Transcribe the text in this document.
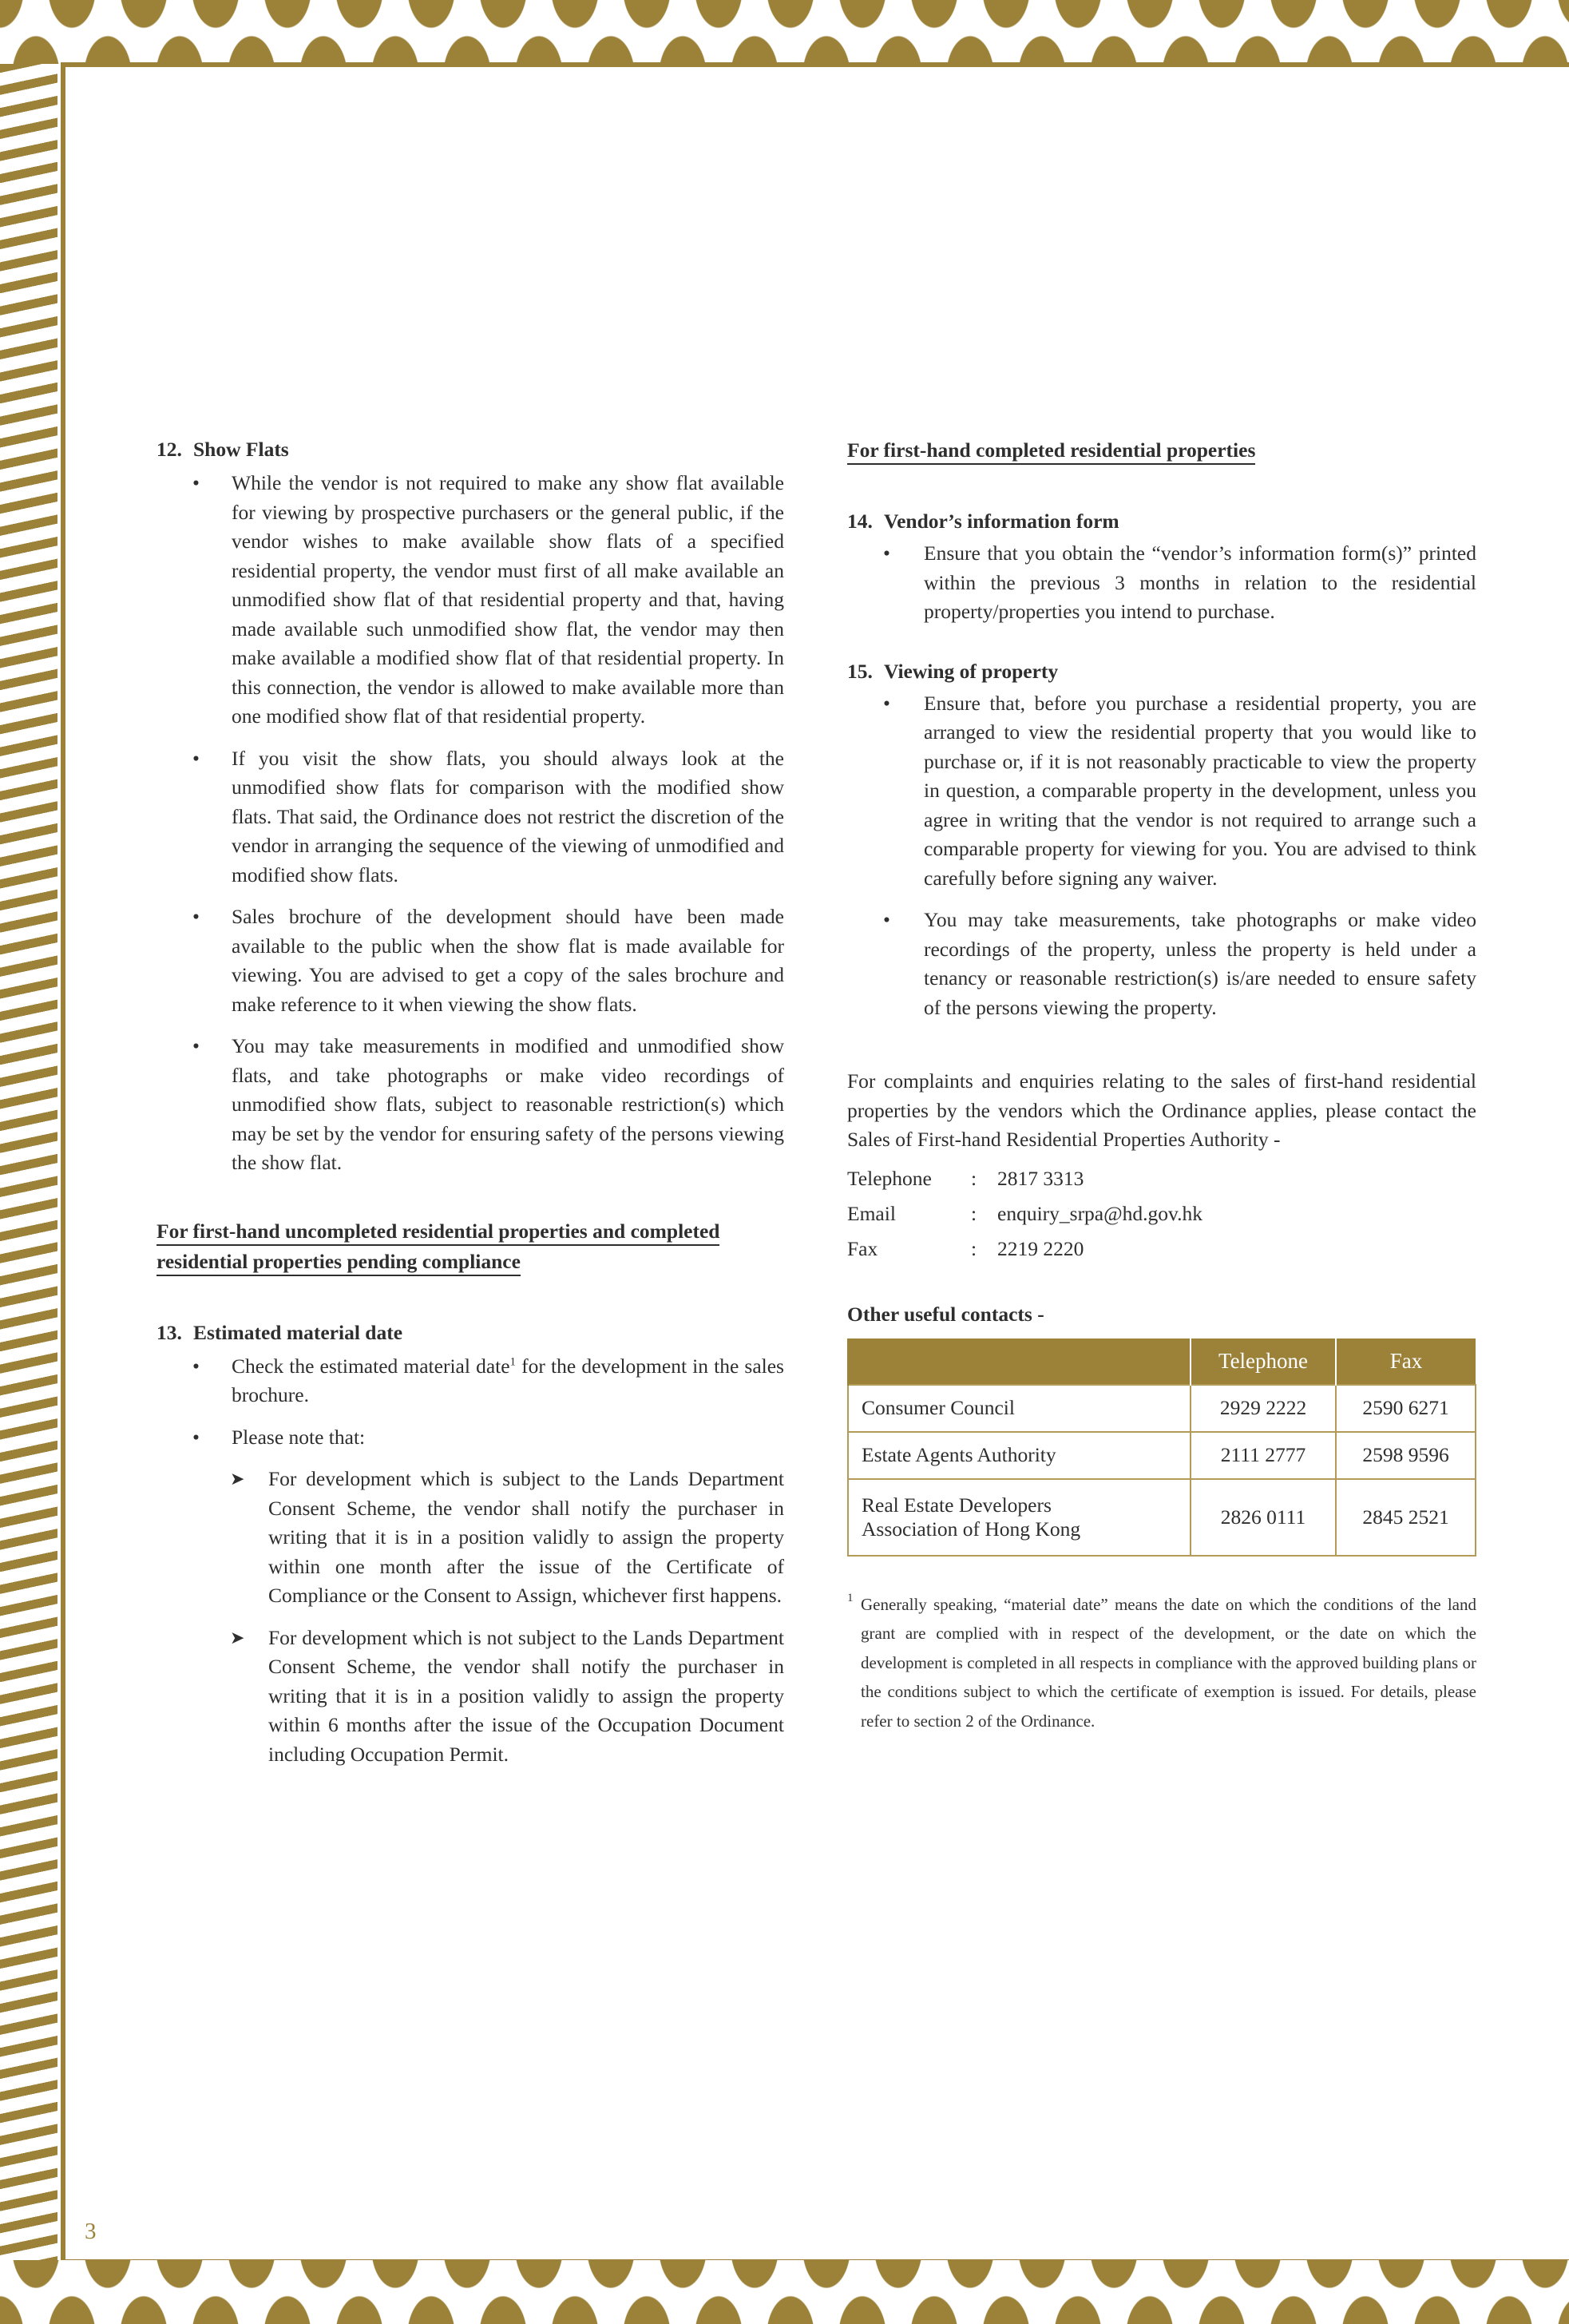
12. Show Flats
• While the vendor is not required to make any show flat available for viewing by prospective purchasers or the general public, if the vendor wishes to make available show flats of a specified residential property, the vendor must first of all make available an unmodified show flat of that residential property and that, having made available such unmodified show flat, the vendor may then make available a modified show flat of that residential property. In this connection, the vendor is allowed to make available more than one modified show flat of that residential property.
• If you visit the show flats, you should always look at the unmodified show flats for comparison with the modified show flats. That said, the Ordinance does not restrict the discretion of the vendor in arranging the sequence of the viewing of unmodified and modified show flats.
• Sales brochure of the development should have been made available to the public when the show flat is made available for viewing. You are advised to get a copy of the sales brochure and make reference to it when viewing the show flats.
• You may take measurements in modified and unmodified show flats, and take photographs or make video recordings of unmodified show flats, subject to reasonable restriction(s) which may be set by the vendor for ensuring safety of the persons viewing the show flat.

For first-hand uncompleted residential properties and completed
residential properties pending compliance

13. Estimated material date
• Check the estimated material date$^1$ for the development in the sales brochure.
• Please note that:
➤ For development which is subject to the Lands Department Consent Scheme, the vendor shall notify the purchaser in writing that it is in a position validly to assign the property within one month after the issue of the Certificate of Compliance or the Consent to Assign, whichever first happens.
➤ For development which is not subject to the Lands Department Consent Scheme, the vendor shall notify the purchaser in writing that it is in a position validly to assign the property within 6 months after the issue of the Occupation Document including Occupation Permit.

For first-hand completed residential properties

14. Vendor’s information form
• Ensure that you obtain the “vendor’s information form(s)” printed within the previous 3 months in relation to the residential property/properties you intend to purchase.
15. Viewing of property
• Ensure that, before you purchase a residential property, you are arranged to view the residential property that you would like to purchase or, if it is not reasonably practicable to view the property in question, a comparable property in the development, unless you agree in writing that the vendor is not required to arrange such a comparable property for viewing for you. You are advised to think carefully before signing any waiver.
• You may take measurements, take photographs or make video recordings of the property, unless the property is held under a tenancy or reasonable restriction(s) is/are needed to ensure safety of the persons viewing the property.

For complaints and enquiries relating to the sales of first-hand residential properties by the vendors which the Ordinance applies, please contact the Sales of First-hand Residential Properties Authority -

Telephone	:	2817 3313
Email	:	enquiry_srpa@hd.gov.hk
Fax	:	2219 2220

Other useful contacts -

	Telephone	Fax
Consumer Council	2929 2222	2590 6271
Estate Agents Authority	2111 2777	2598 9596
Real Estate Developers
Association of Hong Kong	2826 0111	2845 2521
1 Generally speaking, “material date” means the date on which the conditions of the land grant are complied with in respect of the development, or the date on which the development is completed in all respects in compliance with the approved building plans or the conditions subject to which the certificate of exemption is issued. For details, please refer to section 2 of the Ordinance.
3
